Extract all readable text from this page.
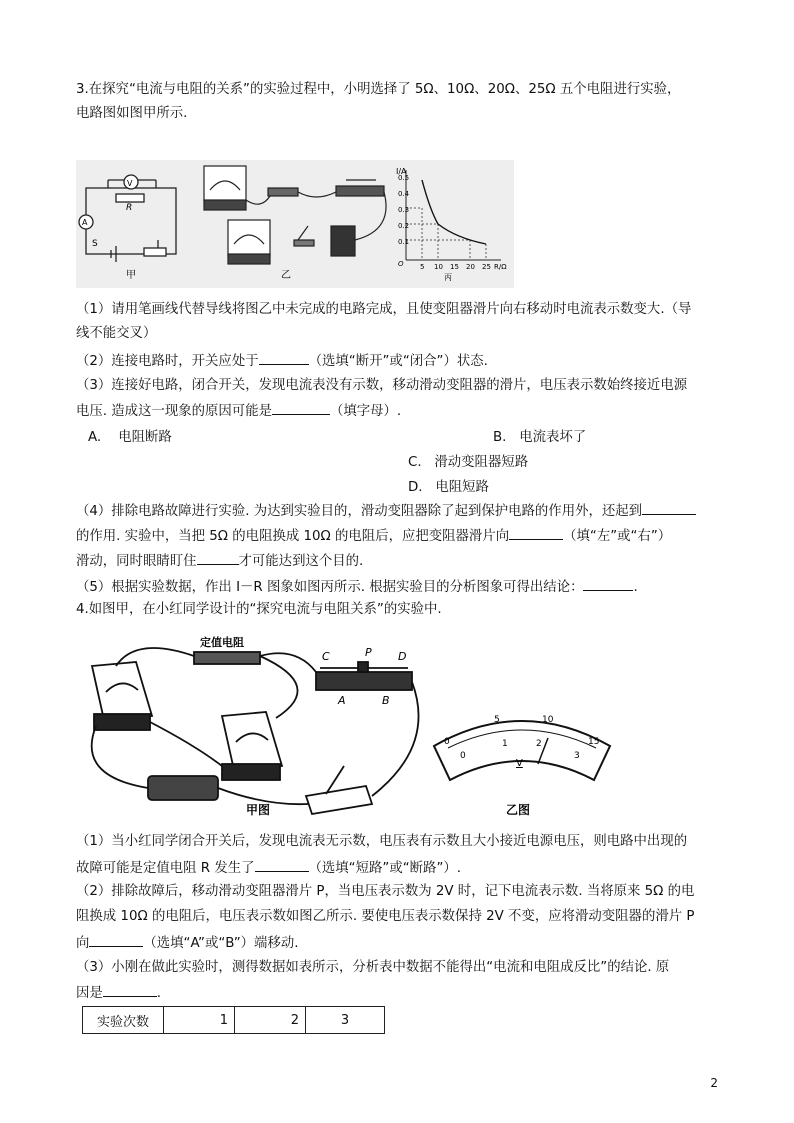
3.在探究“电流与电阻的关系”的实验过程中，小明选择了 5Ω、10Ω、20Ω、25Ω 五个电阻进行实验，
电路图如图甲所示.
V
R
A
S
甲	乙
I/A
0.5
0.4
0.3
0.2
0.1
O 5 10 15 20 25 R/Ω
丙
（1）请用笔画线代替导线将图乙中未完成的电路完成，且使变阻器滑片向右移动时电流表示数变大.（导
线不能交叉）
（2）连接电路时，开关应处于	（选填“断开”或“闭合”）状态.
（3）连接好电路，闭合开关，发现电流表没有示数，移动滑动变阻器的滑片，电压表示数始终接近电源
电压. 造成这一现象的原因可能是	（填字母）.
A. 电阻断路	B. 电流表坏了
C. 滑动变阻器短路
D. 电阻短路
（4）排除电路故障进行实验. 为达到实验目的，滑动变阻器除了起到保护电路的作用外，还起到
的作用. 实验中，当把 5Ω 的电阻换成 10Ω 的电阻后，应把变阻器滑片向	（填“左”或“右”）
滑动，同时眼睛盯住	才可能达到这个目的.
（5）根据实验数据，作出 I－R 图象如图丙所示. 根据实验目的分析图象可得出结论：	.
4.如图甲，在小红同学设计的“探究电流与电阻关系”的实验中.
定值电阻
C	P D
A	B
甲图
0
5	10
15
0
1	2
3
V
乙图
（1）当小红同学闭合开关后，发现电流表无示数，电压表有示数且大小接近电源电压，则电路中出现的
故障可能是定值电阻 R 发生了	（选填“短路”或“断路”）.
（2）排除故障后，移动滑动变阻器滑片 P，当电压表示数为 2V 时，记下电流表示数. 当将原来 5Ω 的电
阻换成 10Ω 的电阻后，电压表示数如图乙所示. 要使电压表示数保持 2V 不变，应将滑动变阻器的滑片 P
向	（选填“A”或“B”）端移动.
（3）小刚在做此实验时，测得数据如表所示，分析表中数据不能得出“电流和电阻成反比”的结论. 原
因是	.
实验次数	1	2	3
2
